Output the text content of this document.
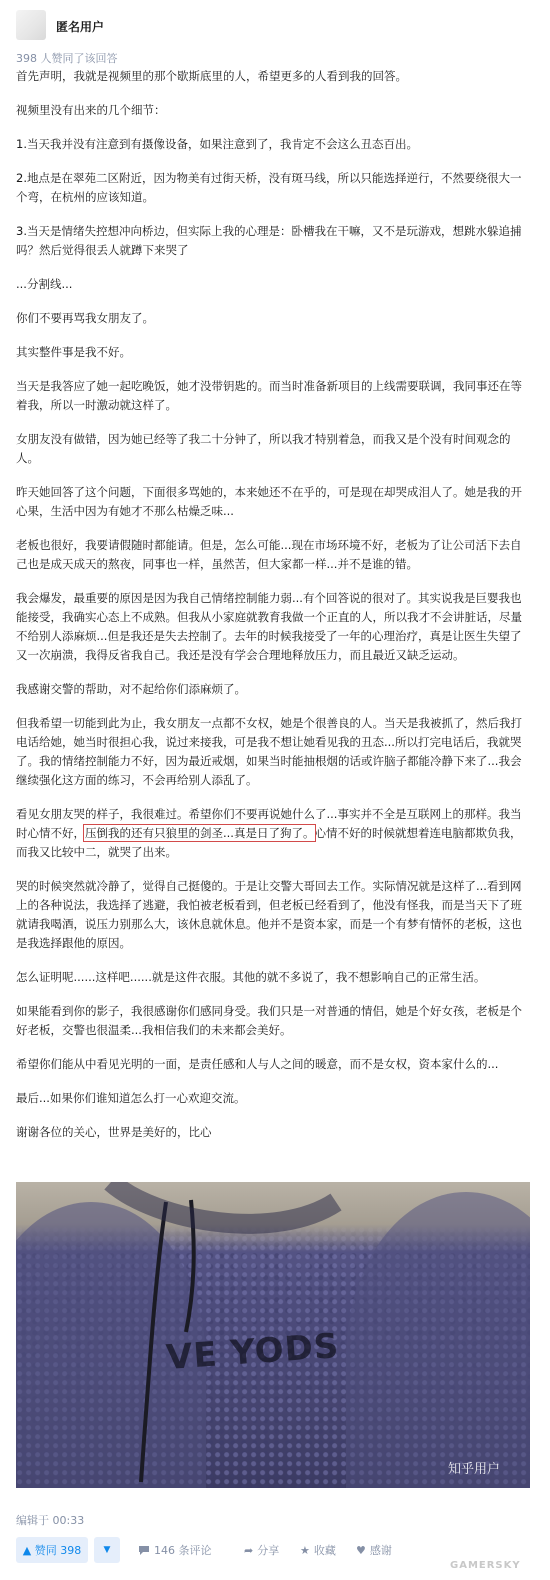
匿名用户
398 人赞同了该回答

首先声明，我就是视频里的那个歇斯底里的人，希望更多的人看到我的回答。

视频里没有出来的几个细节：

1.当天我并没有注意到有摄像设备，如果注意到了，我肯定不会这么丑态百出。

2.地点是在翠苑二区附近，因为物美有过街天桥，没有斑马线，所以只能选择逆行，不然要绕很大一个弯，在杭州的应该知道。

3.当天是情绪失控想冲向桥边，但实际上我的心理是：卧槽我在干嘛，又不是玩游戏，想跳水躲追捕吗？然后觉得很丢人就蹲下来哭了

...分割线...

你们不要再骂我女朋友了。

其实整件事是我不好。

当天是我答应了她一起吃晚饭，她才没带钥匙的。而当时准备新项目的上线需要联调，我同事还在等着我，所以一时激动就这样了。

女朋友没有做错，因为她已经等了我二十分钟了，所以我才特别着急，而我又是个没有时间观念的人。

昨天她回答了这个问题，下面很多骂她的，本来她还不在乎的，可是现在却哭成泪人了。她是我的开心果，生活中因为有她才不那么枯燥乏味...

老板也很好，我要请假随时都能请。但是，怎么可能...现在市场环境不好，老板为了让公司活下去自己也是成天成天的熬夜，同事也一样，虽然苦，但大家都一样...并不是谁的错。

我会爆发，最重要的原因是因为我自己情绪控制能力弱...有个回答说的很对了。其实说我是巨婴我也能接受，我确实心态上不成熟。但我从小家庭就教育我做一个正直的人，所以我才不会讲脏话，尽量不给别人添麻烦...但是我还是失去控制了。去年的时候我接受了一年的心理治疗，真是让医生失望了 又一次崩溃，我得反省我自己。我还是没有学会合理地释放压力，而且最近又缺乏运动。

我感谢交警的帮助，对不起给你们添麻烦了。

但我希望一切能到此为止，我女朋友一点都不女权，她是个很善良的人。当天是我被抓了，然后我打电话给她，她当时很担心我，说过来接我，可是我不想让她看见我的丑态...所以打完电话后，我就哭了。我的情绪控制能力不好，因为最近戒烟，如果当时能抽根烟的话或许脑子都能冷静下来了...我会继续强化这方面的练习，不会再给别人添乱了。

看见女朋友哭的样子，我很难过。希望你们不要再说她什么了...事实并不全是互联网上的那样。我当时心情不好，压倒我的还有只狼里的剑圣...真是日了狗了。心情不好的时候就想着连电脑都欺负我，而我又比较中二，就哭了出来。

哭的时候突然就冷静了，觉得自己挺傻的。于是让交警大哥回去工作。实际情况就是这样了...看到网上的各种说法，我选择了逃避，我怕被老板看到，但老板已经看到了，他没有怪我，而是当天下了班就请我喝酒，说压力别那么大，该休息就休息。他并不是资本家，而是一个有梦有情怀的老板，这也是我选择跟他的原因。

怎么证明呢......这样吧......就是这件衣服。其他的就不多说了，我不想影响自己的正常生活。

如果能看到你的影子，我很感谢你们感同身受。我们只是一对普通的情侣，她是个好女孩，老板是个好老板，交警也很温柔...我相信我们的未来都会美好。

希望你们能从中看见光明的一面，是责任感和人与人之间的暖意，而不是女权，资本家什么的...

最后...如果你们谁知道怎么打一心欢迎交流。

谢谢各位的关心，世界是美好的，比心

VE YODS
知乎用户
编辑于 00:33
▲ 赞同 398	▼	146 条评论	➦ 分享 ★ 收藏 ♥ 感谢
GAMERSKY
